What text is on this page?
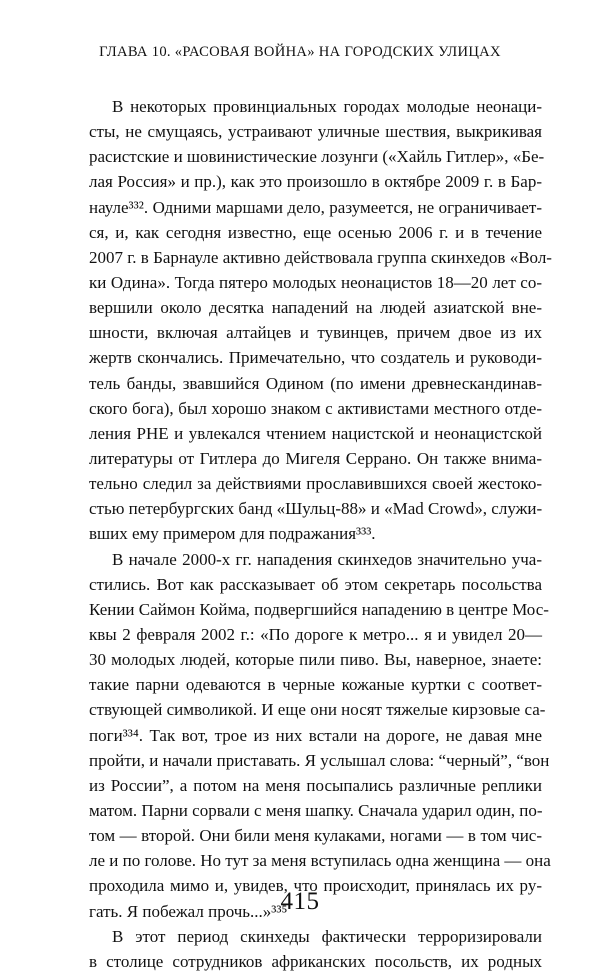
ГЛАВА 10. «РАСОВАЯ ВОЙНА» НА ГОРОДСКИХ УЛИЦАХ
В некоторых провинциальных городах молодые неонаци-
сты, не смущаясь, устраивают уличные шествия, выкрикивая
расистские и шовинистические лозунги («Хайль Гитлер», «Бе-
лая Россия» и пр.), как это произошло в октябре 2009 г. в Бар-
науле³³². Одними маршами дело, разумеется, не ограничивает-
ся, и, как сегодня известно, еще осенью 2006 г. и в течение
2007 г. в Барнауле активно действовала группа скинхедов «Вол-
ки Одина». Тогда пятеро молодых неонацистов 18—20 лет со-
вершили около десятка нападений на людей азиатской вне-
шности, включая алтайцев и тувинцев, причем двое из их
жертв скончались. Примечательно, что создатель и руководи-
тель банды, звавшийся Одином (по имени древнескандинав-
ского бога), был хорошо знаком с активистами местного отде-
ления РНЕ и увлекался чтением нацистской и неонацистской
литературы от Гитлера до Мигеля Серрано. Он также внима-
тельно следил за действиями прославившихся своей жестоко-
стью петербургских банд «Шульц-88» и «Mad Crowd», служи-
вших ему примером для подражания³³³.
В начале 2000-х гг. нападения скинхедов значительно уча-
стились. Вот как рассказывает об этом секретарь посольства
Кении Саймон Койма, подвергшийся нападению в центре Мос-
квы 2 февраля 2002 г.: «По дороге к метро... я и увидел 20—
30 молодых людей, которые пили пиво. Вы, наверное, знаете:
такие парни одеваются в черные кожаные куртки с соответ-
ствующей символикой. И еще они носят тяжелые кирзовые са-
поги³³⁴. Так вот, трое из них встали на дороге, не давая мне
пройти, и начали приставать. Я услышал слова: “черный”, “вон
из России”, а потом на меня посыпались различные реплики
матом. Парни сорвали с меня шапку. Сначала ударил один, по-
том — второй. Они били меня кулаками, ногами — в том чис-
ле и по голове. Но тут за меня вступилась одна женщина — она
проходила мимо и, увидев, что происходит, принялась их ру-
гать. Я побежал прочь...»³³⁵
В этот период скинхеды фактически терроризировали
в столице сотрудников африканских посольств, их родных
415
